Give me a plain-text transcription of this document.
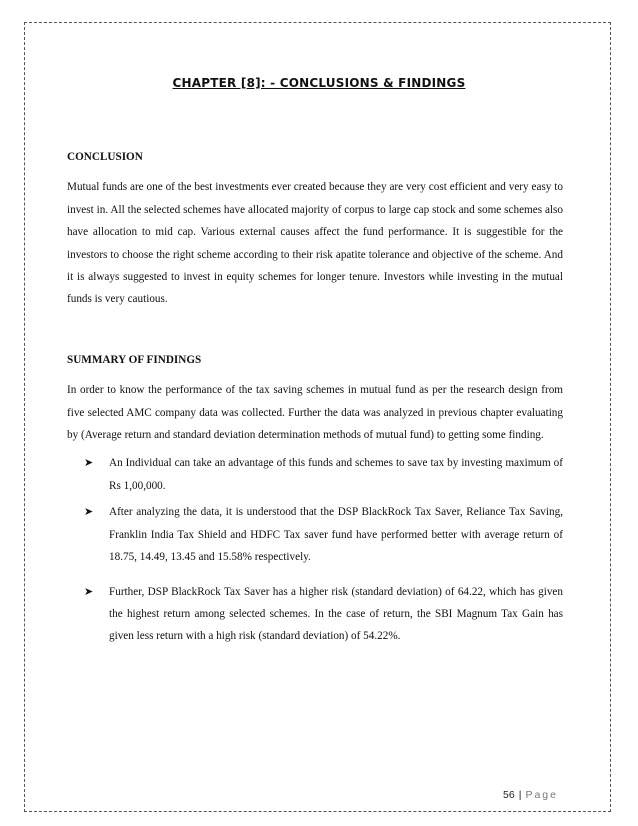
CHAPTER [8]: - CONCLUSIONS & FINDINGS
CONCLUSION

Mutual funds are one of the best investments ever created because they are very cost efficient and very easy to invest in. All the selected schemes have allocated majority of corpus to large cap stock and some schemes also have allocation to mid cap. Various external causes affect the fund performance. It is suggestible for the investors to choose the right scheme according to their risk apatite tolerance and objective of the scheme. And it is always suggested to invest in equity schemes for longer tenure. Investors while investing in the mutual funds is very cautious.

SUMMARY OF FINDINGS

In order to know the performance of the tax saving schemes in mutual fund as per the research design from five selected AMC company data was collected. Further the data was analyzed in previous chapter evaluating by (Average return and standard deviation determination methods of mutual fund) to getting some finding.

➤ An Individual can take an advantage of this funds and schemes to save tax by investing maximum of Rs 1,00,000.
➤ After analyzing the data, it is understood that the DSP BlackRock Tax Saver, Reliance Tax Saving, Franklin India Tax Shield and HDFC Tax saver fund have performed better with average return of 18.75, 14.49, 13.45 and 15.58% respectively.
➤ Further, DSP BlackRock Tax Saver has a higher risk (standard deviation) of 64.22, which has given the highest return among selected schemes. In the case of return, the SBI Magnum Tax Gain has given less return with a high risk (standard deviation) of 54.22%.
56 | Page
